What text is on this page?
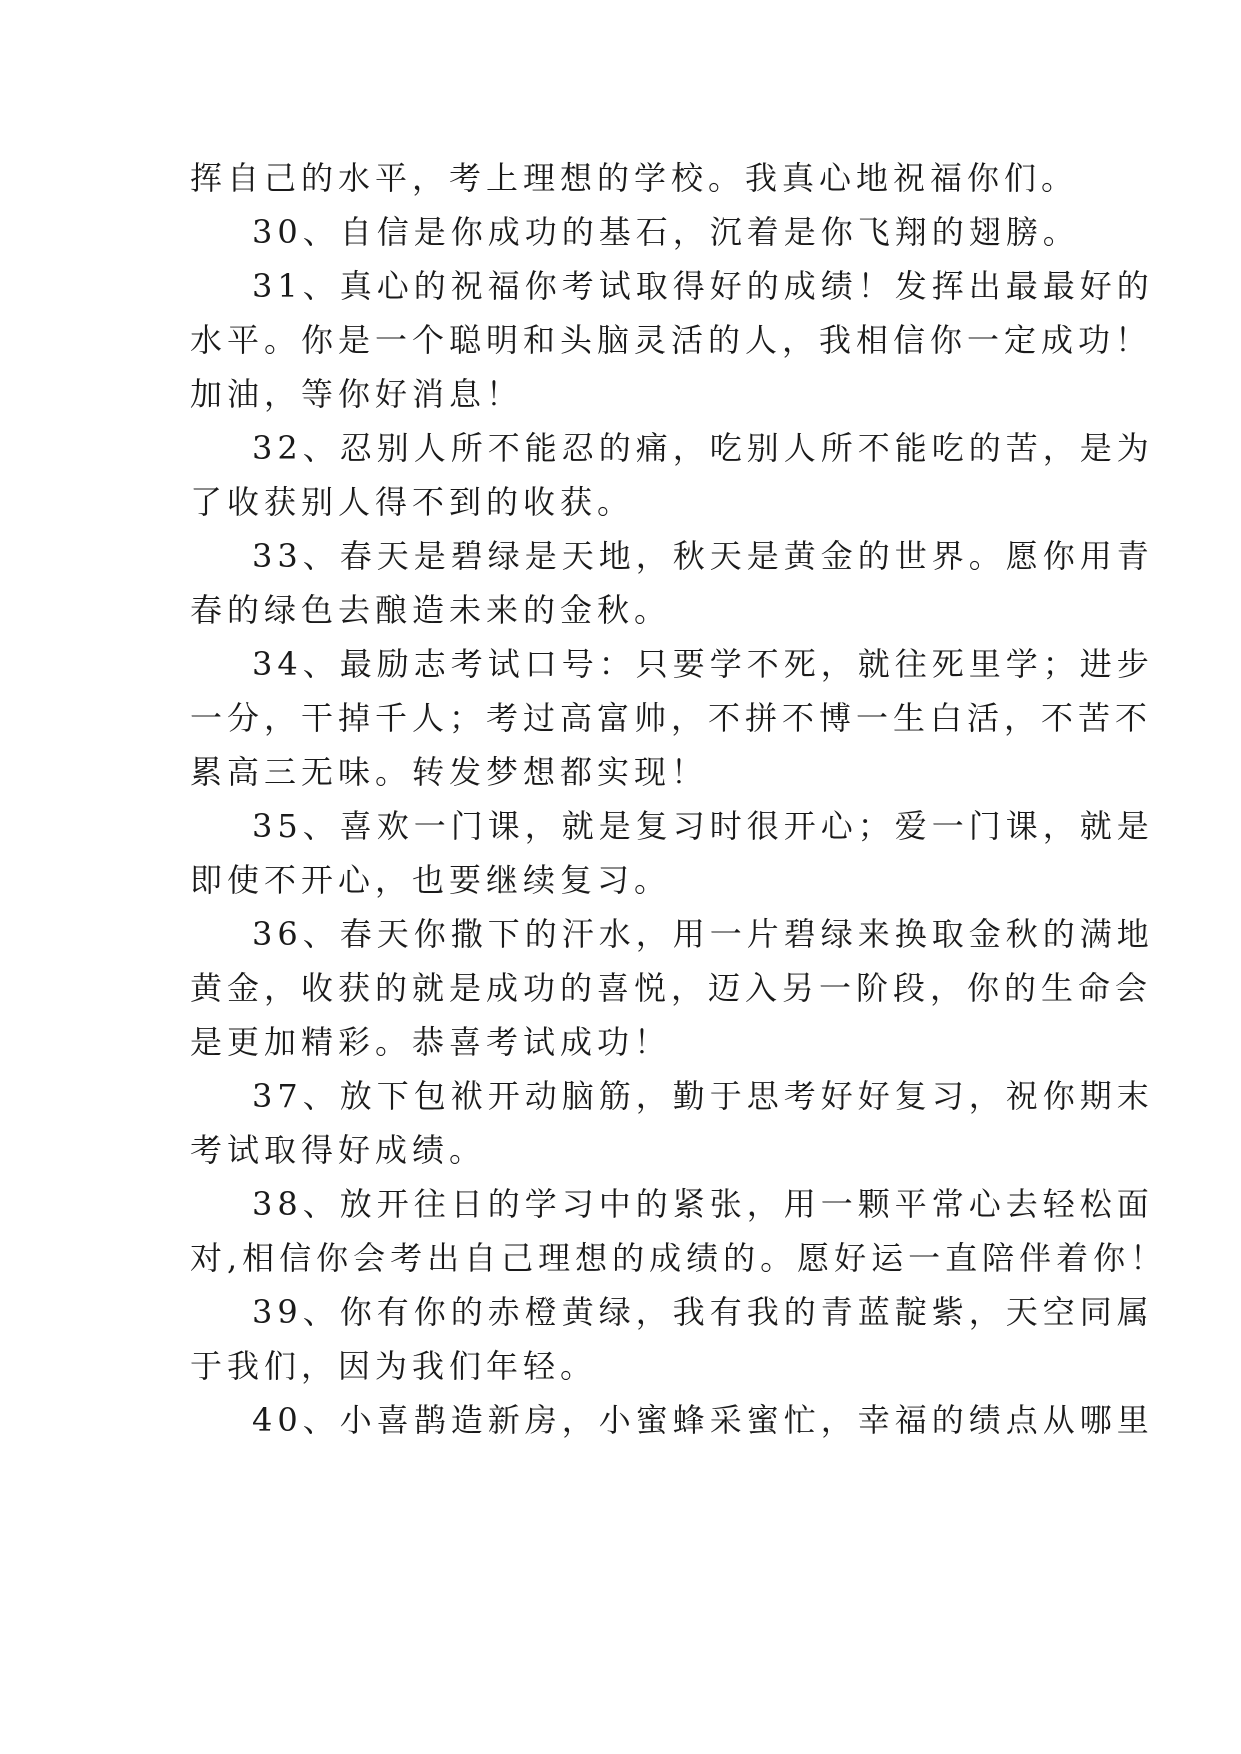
挥自己的水平，考上理想的学校。我真心地祝福你们。
30、自信是你成功的基石，沉着是你飞翔的翅膀。
31、真心的祝福你考试取得好的成绩！发挥出最最好的
水平。你是一个聪明和头脑灵活的人，我相信你一定成功！
加油，等你好消息！
32、忍别人所不能忍的痛，吃别人所不能吃的苦，是为
了收获别人得不到的收获。
33、春天是碧绿是天地，秋天是黄金的世界。愿你用青
春的绿色去酿造未来的金秋。
34、最励志考试口号：只要学不死，就往死里学；进步
一分，干掉千人；考过高富帅，不拼不博一生白活，不苦不
累高三无味。转发梦想都实现！
35、喜欢一门课，就是复习时很开心；爱一门课，就是
即使不开心，也要继续复习。
36、春天你撒下的汗水，用一片碧绿来换取金秋的满地
黄金，收获的就是成功的喜悦，迈入另一阶段，你的生命会
是更加精彩。恭喜考试成功！
37、放下包袱开动脑筋，勤于思考好好复习，祝你期末
考试取得好成绩。
38、放开往日的学习中的紧张，用一颗平常心去轻松面
对,相信你会考出自己理想的成绩的。愿好运一直陪伴着你！
39、你有你的赤橙黄绿，我有我的青蓝靛紫，天空同属
于我们，因为我们年轻。
40、小喜鹊造新房，小蜜蜂采蜜忙，幸福的绩点从哪里
